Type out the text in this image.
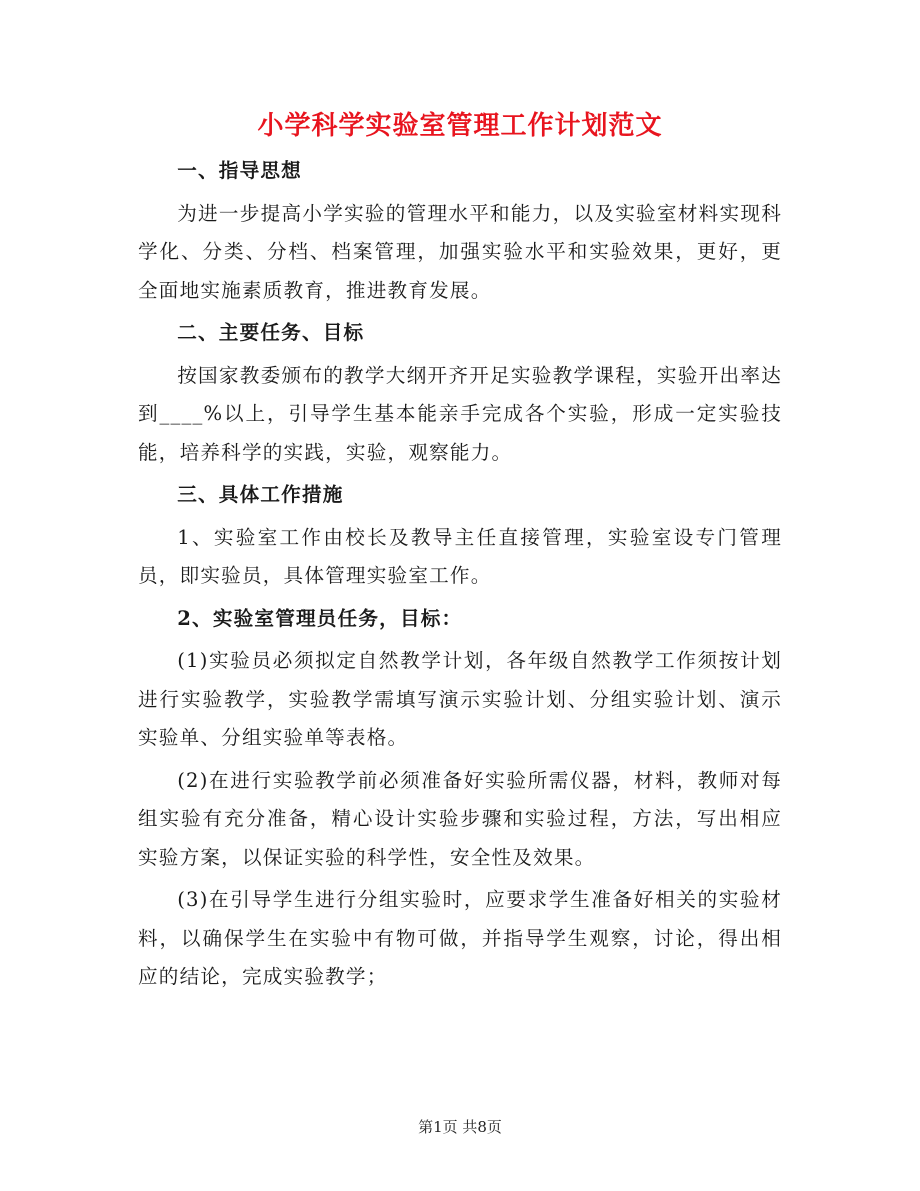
小学科学实验室管理工作计划范文

一、指导思想

为进一步提高小学实验的管理水平和能力，以及实验室材料实现科学化、分类、分档、档案管理，加强实验水平和实验效果，更好，更全面地实施素质教育，推进教育发展。

二、主要任务、目标

按国家教委颁布的教学大纲开齐开足实验教学课程，实验开出率达到____%以上，引导学生基本能亲手完成各个实验，形成一定实验技能，培养科学的实践，实验，观察能力。

三、具体工作措施

1、实验室工作由校长及教导主任直接管理，实验室设专门管理员，即实验员，具体管理实验室工作。

2、实验室管理员任务，目标：

(1)实验员必须拟定自然教学计划，各年级自然教学工作须按计划进行实验教学，实验教学需填写演示实验计划、分组实验计划、演示实验单、分组实验单等表格。

(2)在进行实验教学前必须准备好实验所需仪器，材料，教师对每组实验有充分准备，精心设计实验步骤和实验过程，方法，写出相应实验方案，以保证实验的科学性，安全性及效果。

(3)在引导学生进行分组实验时，应要求学生准备好相关的实验材料，以确保学生在实验中有物可做，并指导学生观察，讨论，得出相应的结论，完成实验教学；

第1页 共8页
